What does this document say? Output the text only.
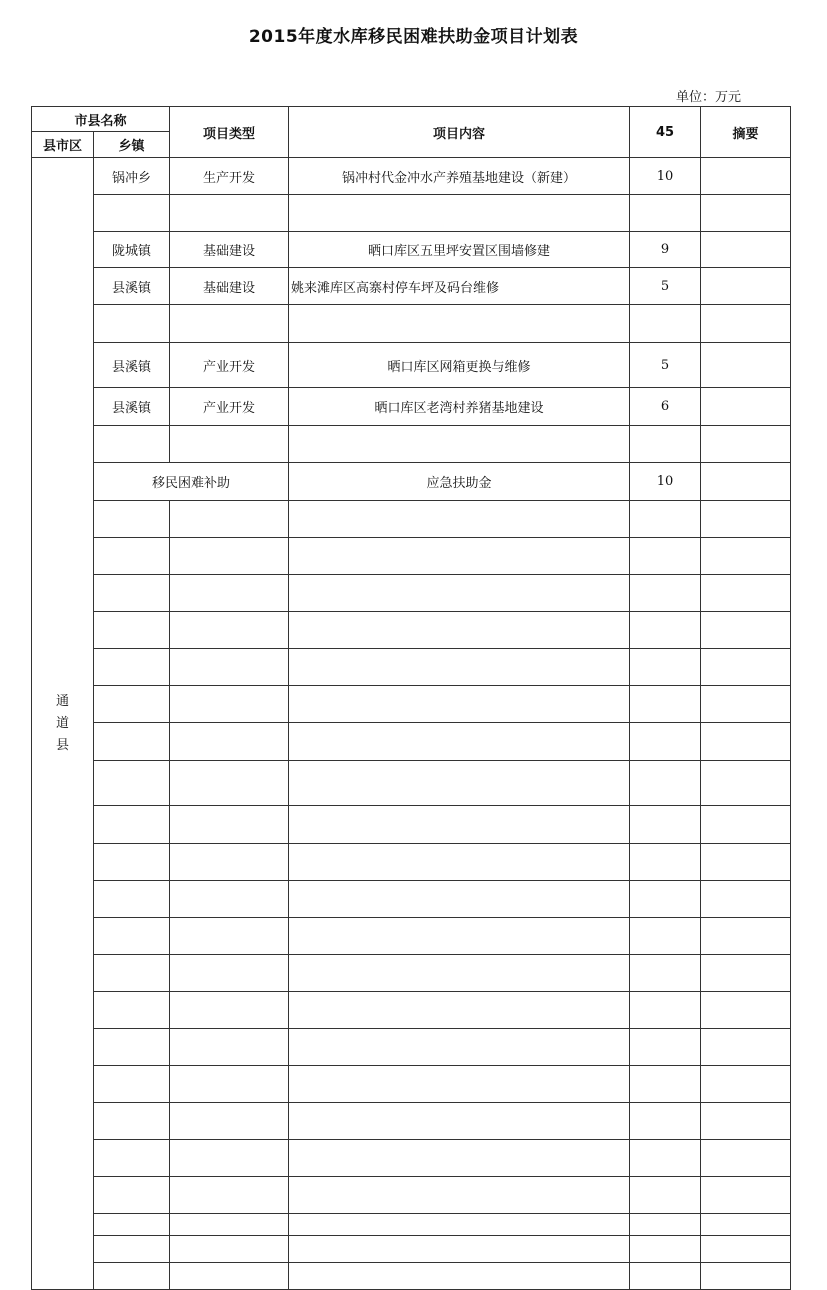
2015年度水库移民困难扶助金项目计划表
单位：万元
市县名称		项目类型	项目内容	45	摘要
县市区	乡镇				
通道县	锅冲乡	生产开发	锅冲村代金冲水产养殖基地建设（新建）	10	

	陇城镇	基础建设	晒口库区五里坪安置区围墙修建	9	
	县溪镇	基础建设	姚来滩库区高寨村停车坪及码台维修	5	

	县溪镇	产业开发	晒口库区网箱更换与维修	5	
	县溪镇	产业开发	晒口库区老湾村养猪基地建设	6	

	移民困难补助		应急扶助金	10	
